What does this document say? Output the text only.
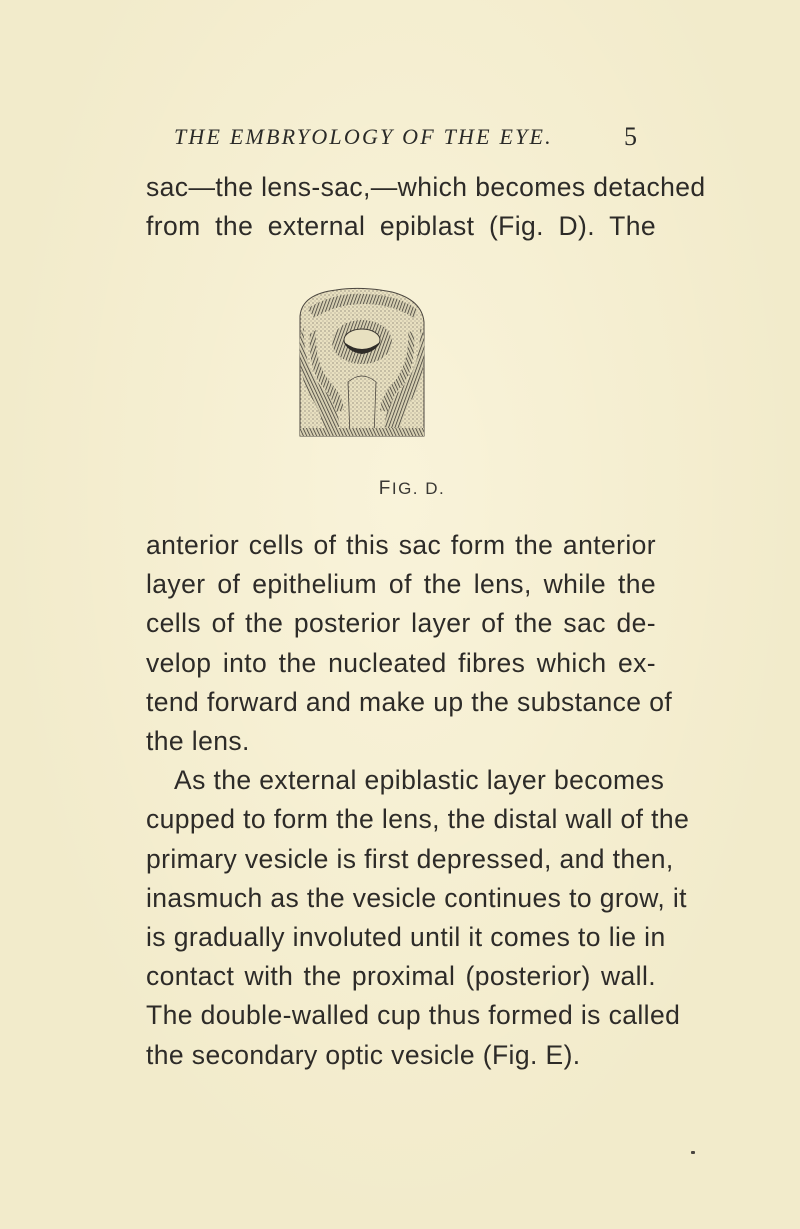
THE EMBRYOLOGY OF THE EYE.	5

sac—the lens-sac,—which becomes detached
from the external epiblast (Fig. D). The

FIG. D.

anterior cells of this sac form the anterior
layer of epithelium of the lens, while the
cells of the posterior layer of the sac de-
velop into the nucleated fibres which ex-
tend forward and make up the substance of
the lens.

As the external epiblastic layer becomes
cupped to form the lens, the distal wall of the
primary vesicle is first depressed, and then,
inasmuch as the vesicle continues to grow, it
is gradually involuted until it comes to lie in
contact with the proximal (posterior) wall.
The double-walled cup thus formed is called
the secondary optic vesicle (Fig. E).
